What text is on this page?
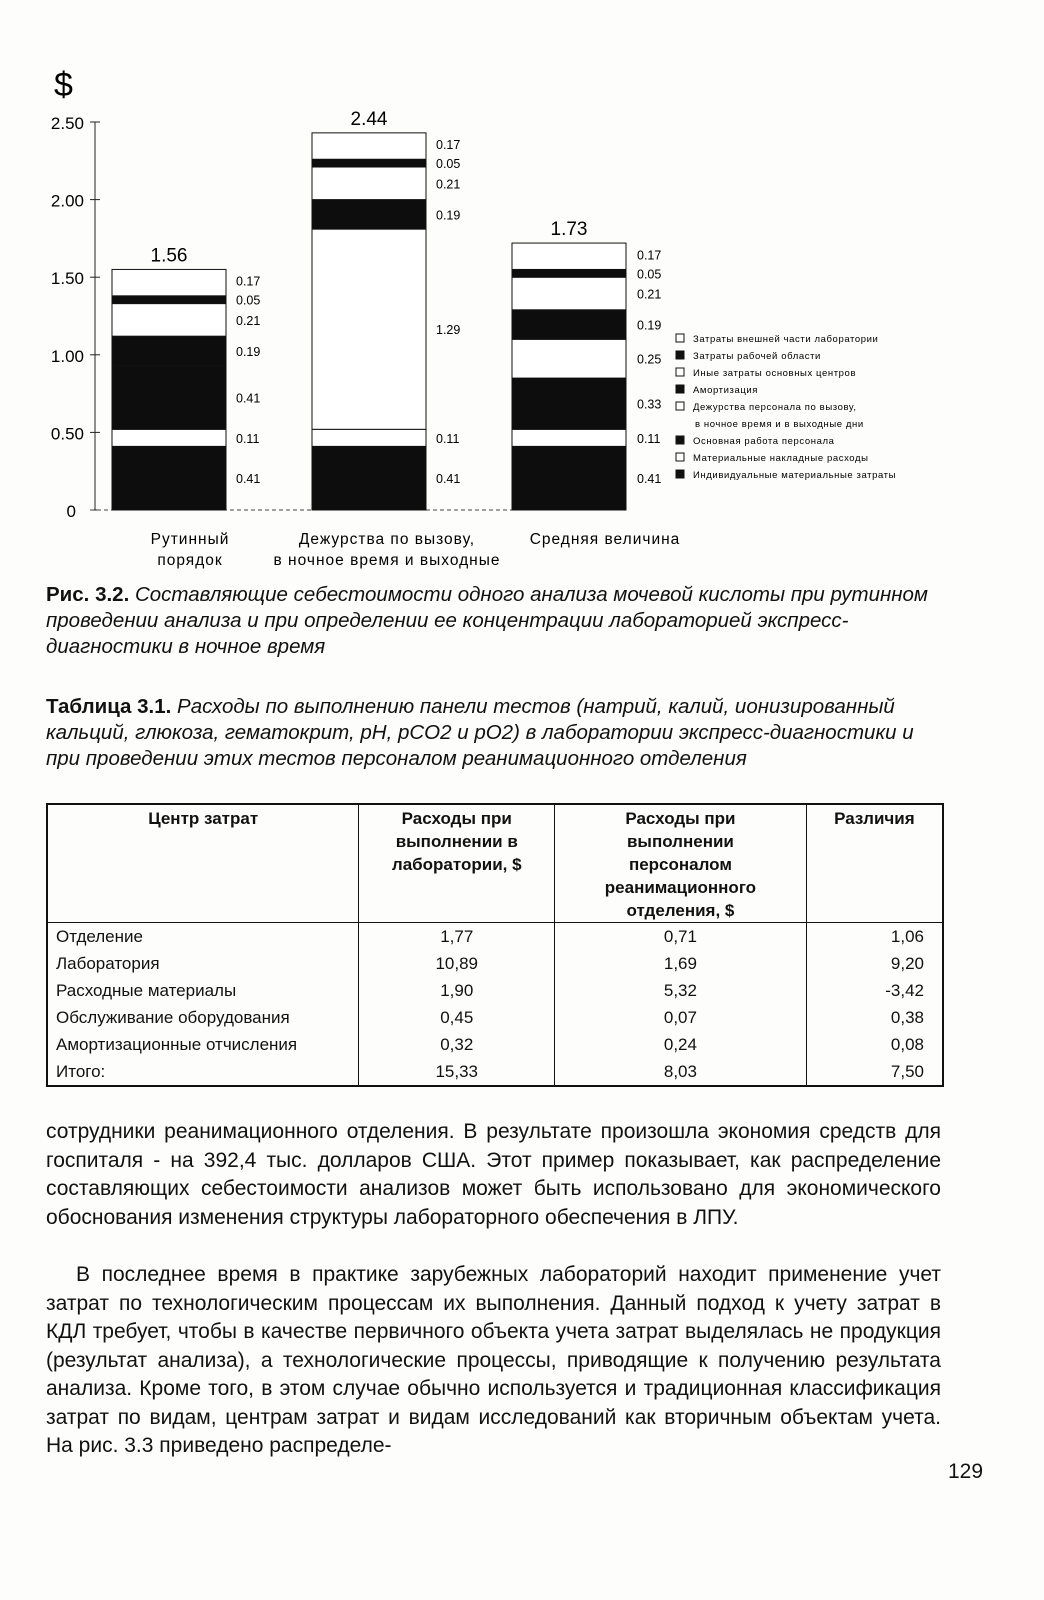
$
0
0.50
1.00
1.50
2.00
2.50
1.56
0.41
0.11
0.41
0.19
0.21
0.05
0.17
2.44
0.41
0.11
1.29
0.19
0.21
0.05
0.17
1.73
0.41
0.11
0.33
0.25
0.19
0.21
0.05
0.17
Рутинный
порядок
Дежурства по вызову,
в ночное время и выходные
Средняя величина
Затраты внешней части лаборатории
Затраты рабочей области
Иные затраты основных центров
Амортизация
Дежурства персонала по вызову,
в ночное время и в выходные дни
Основная работа персонала
Материальные накладные расходы
Индивидуальные материальные затраты
Рис. 3.2. Составляющие себестоимости одного анализа мочевой кислоты при рутинном проведении анализа и при определении ее концентрации лабораторией экспресс-диагностики в ночное время
Таблица 3.1. Расходы по выполнению панели тестов (натрий, калий, ионизированный кальций, глюкоза, гематокрит, pH, pCO2 и pO2) в лаборатории экспресс-диагностики и при проведении этих тестов персоналом реанимационного отделения
Центр затрат	Расходы при выполнении в лаборатории, $	Расходы при выполнении персоналом реанимационного отделения, $	Различия
Отделение	1,77	0,71	1,06
Лаборатория	10,89	1,69	9,20
Расходные материалы	1,90	5,32	-3,42
Обслуживание оборудования	0,45	0,07	0,38
Амортизационные отчисления	0,32	0,24	0,08
Итого:	15,33	8,03	7,50

сотрудники реанимационного отделения. В результате произошла экономия средств для госпиталя - на 392,4 тыс. долларов США. Этот пример показывает, как распределение составляющих себестоимости анализов может быть использовано для экономического обоснования изменения структуры лабораторного обеспечения в ЛПУ.

В последнее время в практике зарубежных лабораторий находит применение учет затрат по технологическим процессам их выполнения. Данный подход к учету затрат в КДЛ требует, чтобы в качестве первичного объекта учета затрат выделялась не продукция (результат анализа), а технологические процессы, приводящие к получению результата анализа. Кроме того, в этом случае обычно используется и традиционная классификация затрат по видам, центрам затрат и видам исследований как вторичным объектам учета. На рис. 3.3 приведено распределе-

129
